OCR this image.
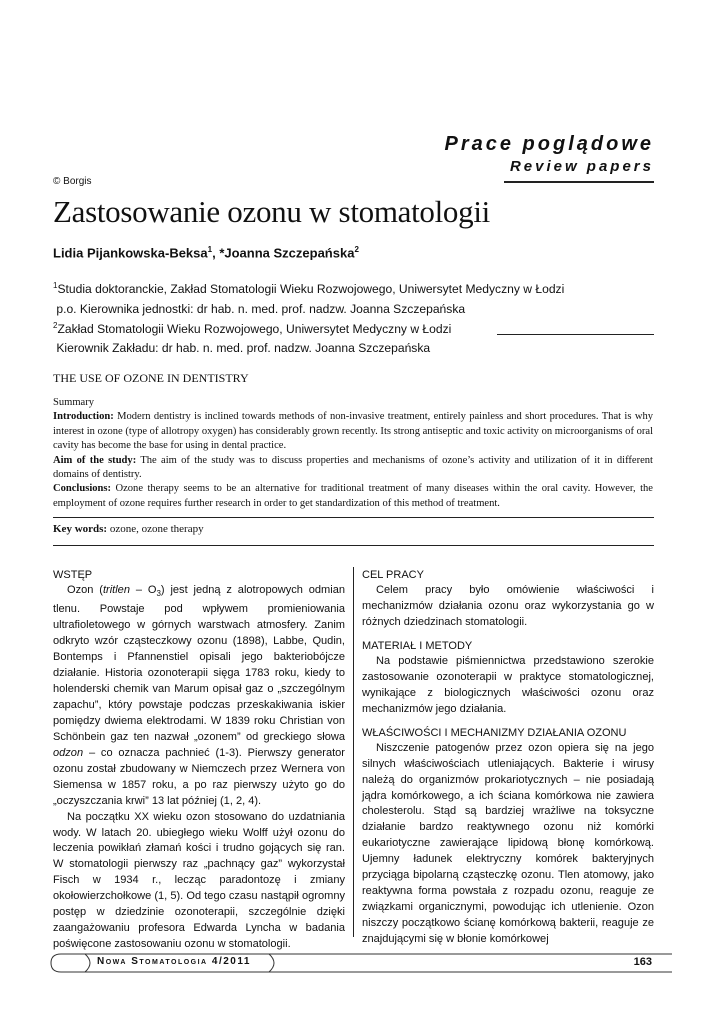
Prace poglądowe
Review papers
© Borgis
Zastosowanie ozonu w stomatologii
Lidia Pijankowska-Beksa$^1$, *Joanna Szczepańska$^2$
$^1$Studia doktoranckie, Zakład Stomatologii Wieku Rozwojowego, Uniwersytet Medyczny w Łodzi
p.o. Kierownika jednostki: dr hab. n. med. prof. nadzw. Joanna Szczepańska
$^2$Zakład Stomatologii Wieku Rozwojowego, Uniwersytet Medyczny w Łodzi
Kierownik Zakładu: dr hab. n. med. prof. nadzw. Joanna Szczepańska
THE USE OF OZONE IN DENTISTRY

Summary

Introduction: Modern dentistry is inclined towards methods of non-invasive treatment, entirely painless and short procedures. That is why interest in ozone (type of allotropy oxygen) has considerably grown recently. Its strong antiseptic and toxic activity on microorganisms of oral cavity has become the base for using in dental practice.

Aim of the study: The aim of the study was to discuss properties and mechanisms of ozone’s activity and utilization of it in different domains of dentistry.

Conclusions: Ozone therapy seems to be an alternative for traditional treatment of many diseases within the oral cavity. However, the employment of ozone requires further research in order to get standardization of this method of treatment.

Key words: ozone, ozone therapy
WSTĘP

Ozon (tritlen – $O_3$) jest jedną z alotropowych odmian tlenu. Powstaje pod wpływem promieniowania ultrafioletowego w górnych warstwach atmosfery. Zanim odkryto wzór cząsteczkowy ozonu (1898), Labbe, Qudin, Bontemps i Pfannenstiel opisali jego bakteriobójcze działanie. Historia ozonoterapii sięga 1783 roku, kiedy to holenderski chemik van Marum opisał gaz o „szczególnym zapachu”, który powstaje podczas przeskakiwania iskier pomiędzy dwiema elektrodami. W 1839 roku Christian von Schönbein gaz ten nazwał „ozonem” od greckiego słowa odzon – co oznacza pachnieć (1-3). Pierwszy generator ozonu został zbudowany w Niemczech przez Wernera von Siemensa w 1857 roku, a po raz pierwszy użyto go do „oczyszczania krwi” 13 lat później (1, 2, 4).

Na początku XX wieku ozon stosowano do uzdatniania wody. W latach 20. ubiegłego wieku Wolff użył ozonu do leczenia powikłań złamań kości i trudno gojących się ran. W stomatologii pierwszy raz „pachnący gaz” wykorzystał Fisch w 1934 r., lecząc paradontozę i zmiany okołowierzchołkowe (1, 5). Od tego czasu nastąpił ogromny postęp w dziedzinie ozonoterapii, szczególnie dzięki zaangażowaniu profesora Edwarda Lyncha w badania poświęcone zastosowaniu ozonu w stomatologii.

CEL PRACY

Celem pracy było omówienie właściwości i mechanizmów działania ozonu oraz wykorzystania go w różnych dziedzinach stomatologii.

MATERIAŁ I METODY

Na podstawie piśmiennictwa przedstawiono szerokie zastosowanie ozonoterapii w praktyce stomatologicznej, wynikające z biologicznych właściwości ozonu oraz mechanizmów jego działania.

WŁAŚCIWOŚCI I MECHANIZMY DZIAŁANIA OZONU

Niszczenie patogenów przez ozon opiera się na jego silnych właściwościach utleniających. Bakterie i wirusy należą do organizmów prokariotycznych – nie posiadają jądra komórkowego, a ich ściana komórkowa nie zawiera cholesterolu. Stąd są bardziej wrażliwe na toksyczne działanie bardzo reaktywnego ozonu niż komórki eukariotyczne zawierające lipidową błonę komórkową. Ujemny ładunek elektryczny komórek bakteryjnych przyciąga bipolarną cząsteczkę ozonu. Tlen atomowy, jako reaktywna forma powstała z rozpadu ozonu, reaguje ze związkami organicznymi, powodując ich utlenienie. Ozon niszczy początkowo ścianę komórkową bakterii, reaguje ze znajdującymi się w błonie komórkowej

Nowa Stomatologia 4/2011	163
